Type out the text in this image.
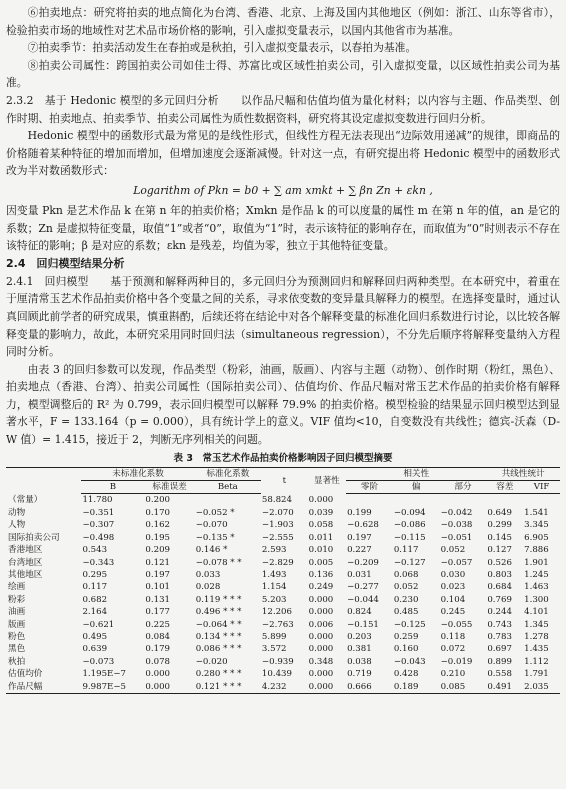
⑥拍卖地点：研究将拍卖的地点简化为台湾、香港、北京、上海及国内其他地区（例如：浙江、山东等省市），检验拍卖市场的地域性对艺术品市场价格的影响，引入虚拟变量表示，以国内其他省市为基准。

⑦拍卖季节：拍卖活动发生在春拍或是秋拍，引入虚拟变量表示，以春拍为基准。

⑧拍卖公司属性：跨国拍卖公司如佳士得、苏富比或区域性拍卖公司，引入虚拟变量，以区域性拍卖公司为基准。

2.3.2　基于 Hedonic 模型的多元回归分析　　以作品尺幅和估值均值为量化材料；以内容与主题、作品类型、创作时期、拍卖地点、拍卖季节、拍卖公司属性为质性数据资料，研究将其设定虚拟变数进行回归分析。

Hedonic 模型中的函数形式最为常见的是线性形式，但线性方程无法表现出“边际效用递减”的规律，即商品的价格随着某种特征的增加而增加，但增加速度会逐渐减慢。针对这一点，有研究提出将 Hedonic 模型中的函数形式改为半对数函数形式：

Logarithm of Pkn = b0 + ∑ am xmkt + ∑ βn Zn + εkn ,

因变量 Pkn 是艺术作品 k 在第 n 年的拍卖价格；Xmkn 是作品 k 的可以度量的属性 m 在第 n 年的值，an 是它的系数；Zn 是虚拟特征变量，取值“1”或者“0”，取值为“1”时，表示该特征的影响存在，而取值为“0”时则表示不存在该特征的影响；β 是对应的系数；εkn 是残差，均值为零，独立于其他特征变量。

2.4　回归模型结果分析

2.4.1　回归模型　　基于预测和解释两种目的，多元回归分为预测回归和解释回归两种类型。在本研究中，着重在于厘清常玉艺术作品拍卖价格中各个变量之间的关系，寻求依变数的变异量具解释力的模型。在选择变量时，通过认真回顾此前学者的研究成果，慎重斟酌，后续还将在结论中对各个解释变量的标准化回归系数进行讨论，以比较各解释变量的影响力，故此，本研究采用同时回归法（simultaneous regression），不分先后顺序将解释变量纳入方程同时分析。

由表 3 的回归参数可以发现，作品类型（粉彩，油画，版画）、内容与主题（动物）、创作时期（粉红，黑色）、拍卖地点（香港、台湾）、拍卖公司属性（国际拍卖公司）、估值均价、作品尺幅对常玉艺术作品的拍卖价格有解释力，模型调整后的 R² 为 0.799，表示回归模型可以解释 79.9% 的拍卖价格。模型检验的结果显示回归模型达到显著水平，F = 133.164（p = 0.000），具有统计学上的意义。VIF 值均<10，自变数没有共线性；德宾-沃森（D-W 值）= 1.415，接近于 2，判断无序列相关的问题。

表 3　常玉艺术作品拍卖价格影响因子回归模型摘要
	未标准化系数		标准化系数	t	显著性	相关性			共线性统计	
	B	标准误差	Beta			零阶	偏	部分	容差	VIF
（常量）	11.780	0.200		58.824	0.000					
动物	−0.351	0.170	−0.052 *	−2.070	0.039	0.199	−0.094	−0.042	0.649	1.541
人物	−0.307	0.162	−0.070	−1.903	0.058	−0.628	−0.086	−0.038	0.299	3.345
国际拍卖公司	−0.498	0.195	−0.135 *	−2.555	0.011	0.197	−0.115	−0.051	0.145	6.905
香港地区	0.543	0.209	0.146 *	2.593	0.010	0.227	0.117	0.052	0.127	7.886
台湾地区	−0.343	0.121	−0.078 * *	−2.829	0.005	−0.209	−0.127	−0.057	0.526	1.901
其他地区	0.295	0.197	0.033	1.493	0.136	0.031	0.068	0.030	0.803	1.245
绘画	0.117	0.101	0.028	1.154	0.249	−0.277	0.052	0.023	0.684	1.463
粉彩	0.682	0.131	0.119 * * *	5.203	0.000	−0.044	0.230	0.104	0.769	1.300
油画	2.164	0.177	0.496 * * *	12.206	0.000	0.824	0.485	0.245	0.244	4.101
版画	−0.621	0.225	−0.064 * *	−2.763	0.006	−0.151	−0.125	−0.055	0.743	1.345
粉色	0.495	0.084	0.134 * * *	5.899	0.000	0.203	0.259	0.118	0.783	1.278
黑色	0.639	0.179	0.086 * * *	3.572	0.000	0.381	0.160	0.072	0.697	1.435
秋拍	−0.073	0.078	−0.020	−0.939	0.348	0.038	−0.043	−0.019	0.899	1.112
估值均价	1.195E−7	0.000	0.280 * * *	10.439	0.000	0.719	0.428	0.210	0.558	1.791
作品尺幅	9.987E−5	0.000	0.121 * * *	4.232	0.000	0.666	0.189	0.085	0.491	2.035
